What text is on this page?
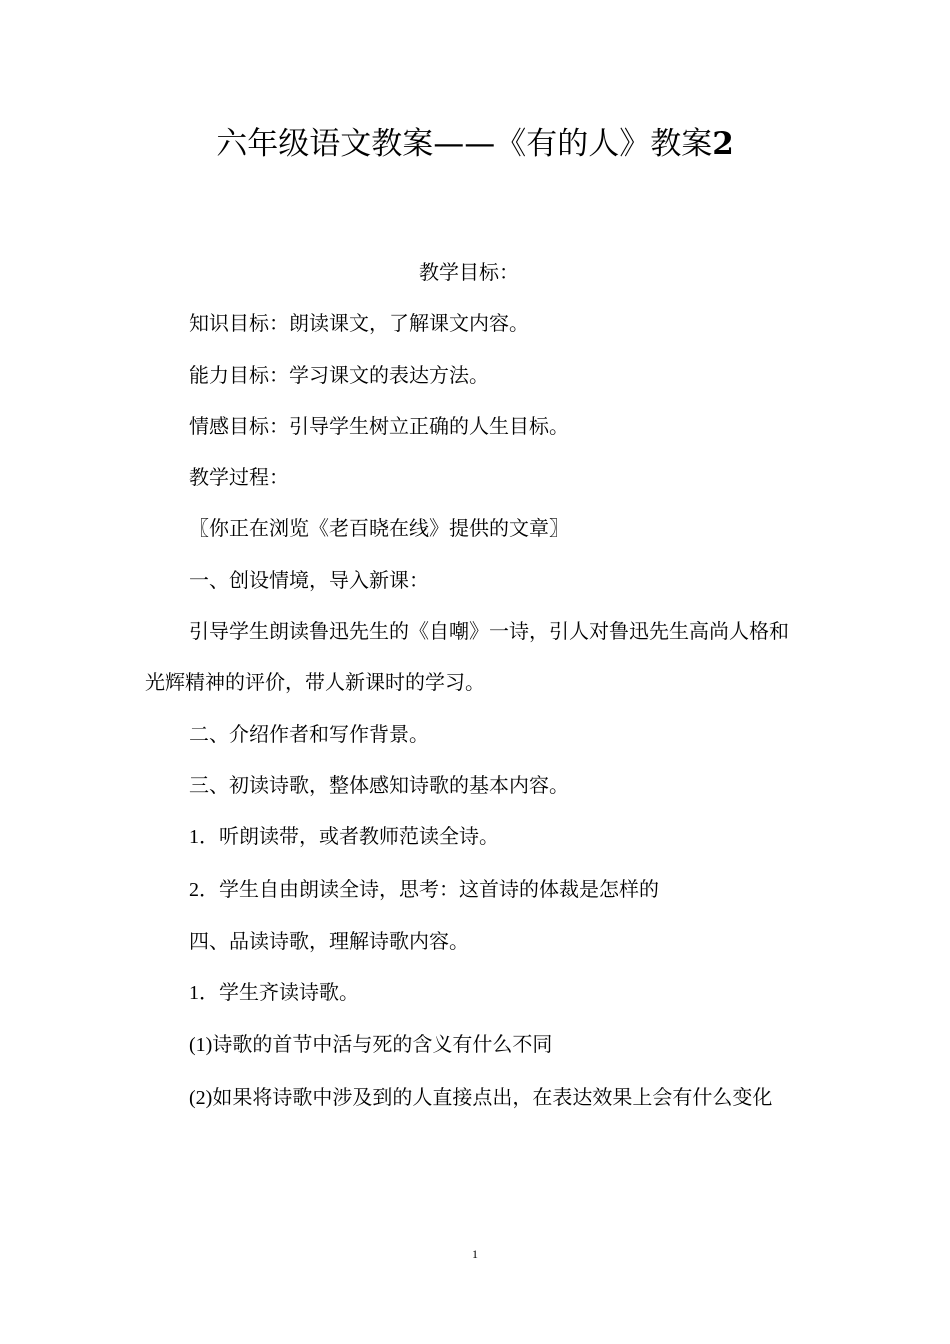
六年级语文教案——《有的人》教案2

教学目标：

知识目标：朗读课文，了解课文内容。

能力目标：学习课文的表达方法。

情感目标：引导学生树立正确的人生目标。

教学过程：

〖你正在浏览《老百晓在线》提供的文章〗

一、创设情境，导入新课：

引导学生朗读鲁迅先生的《自嘲》一诗，引人对鲁迅先生高尚人格和光辉精神的评价，带人新课时的学习。

二、介绍作者和写作背景。

三、初读诗歌，整体感知诗歌的基本内容。

1．听朗读带，或者教师范读全诗。

2．学生自由朗读全诗，思考：这首诗的体裁是怎样的

四、品读诗歌，理解诗歌内容。

1．学生齐读诗歌。

(1)诗歌的首节中活与死的含义有什么不同

(2)如果将诗歌中涉及到的人直接点出，在表达效果上会有什么变化

1
